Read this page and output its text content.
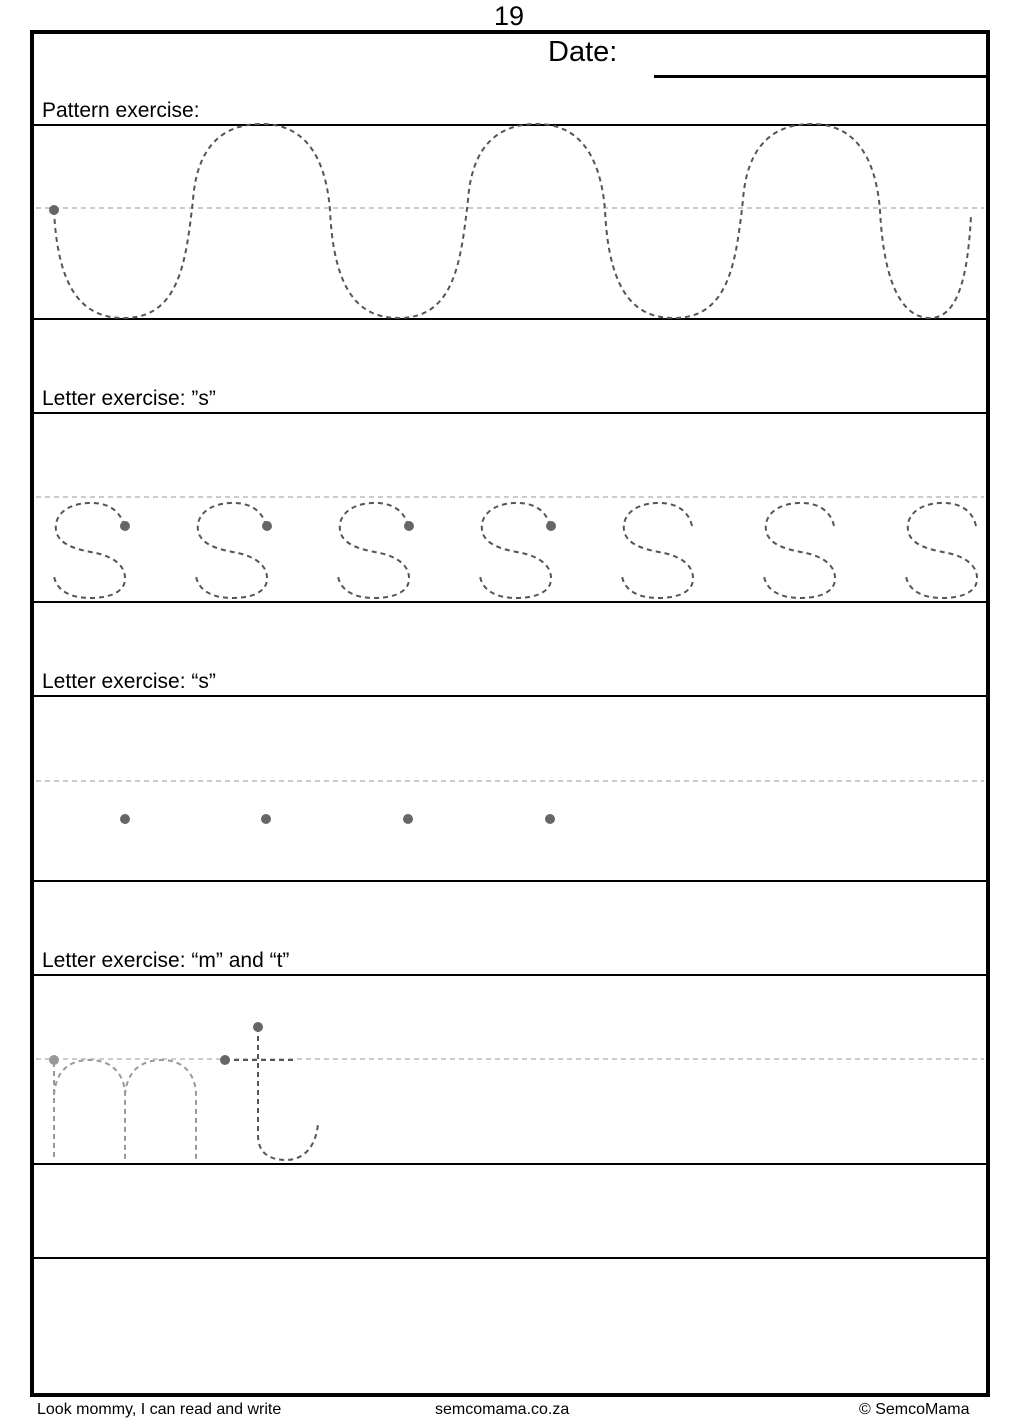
19
Date:
Pattern exercise:
Letter exercise: ”s”
Letter exercise: “s”
Letter exercise: “m” and “t”
Look mommy, I can read and write	semcomama.co.za	© SemcoMama
